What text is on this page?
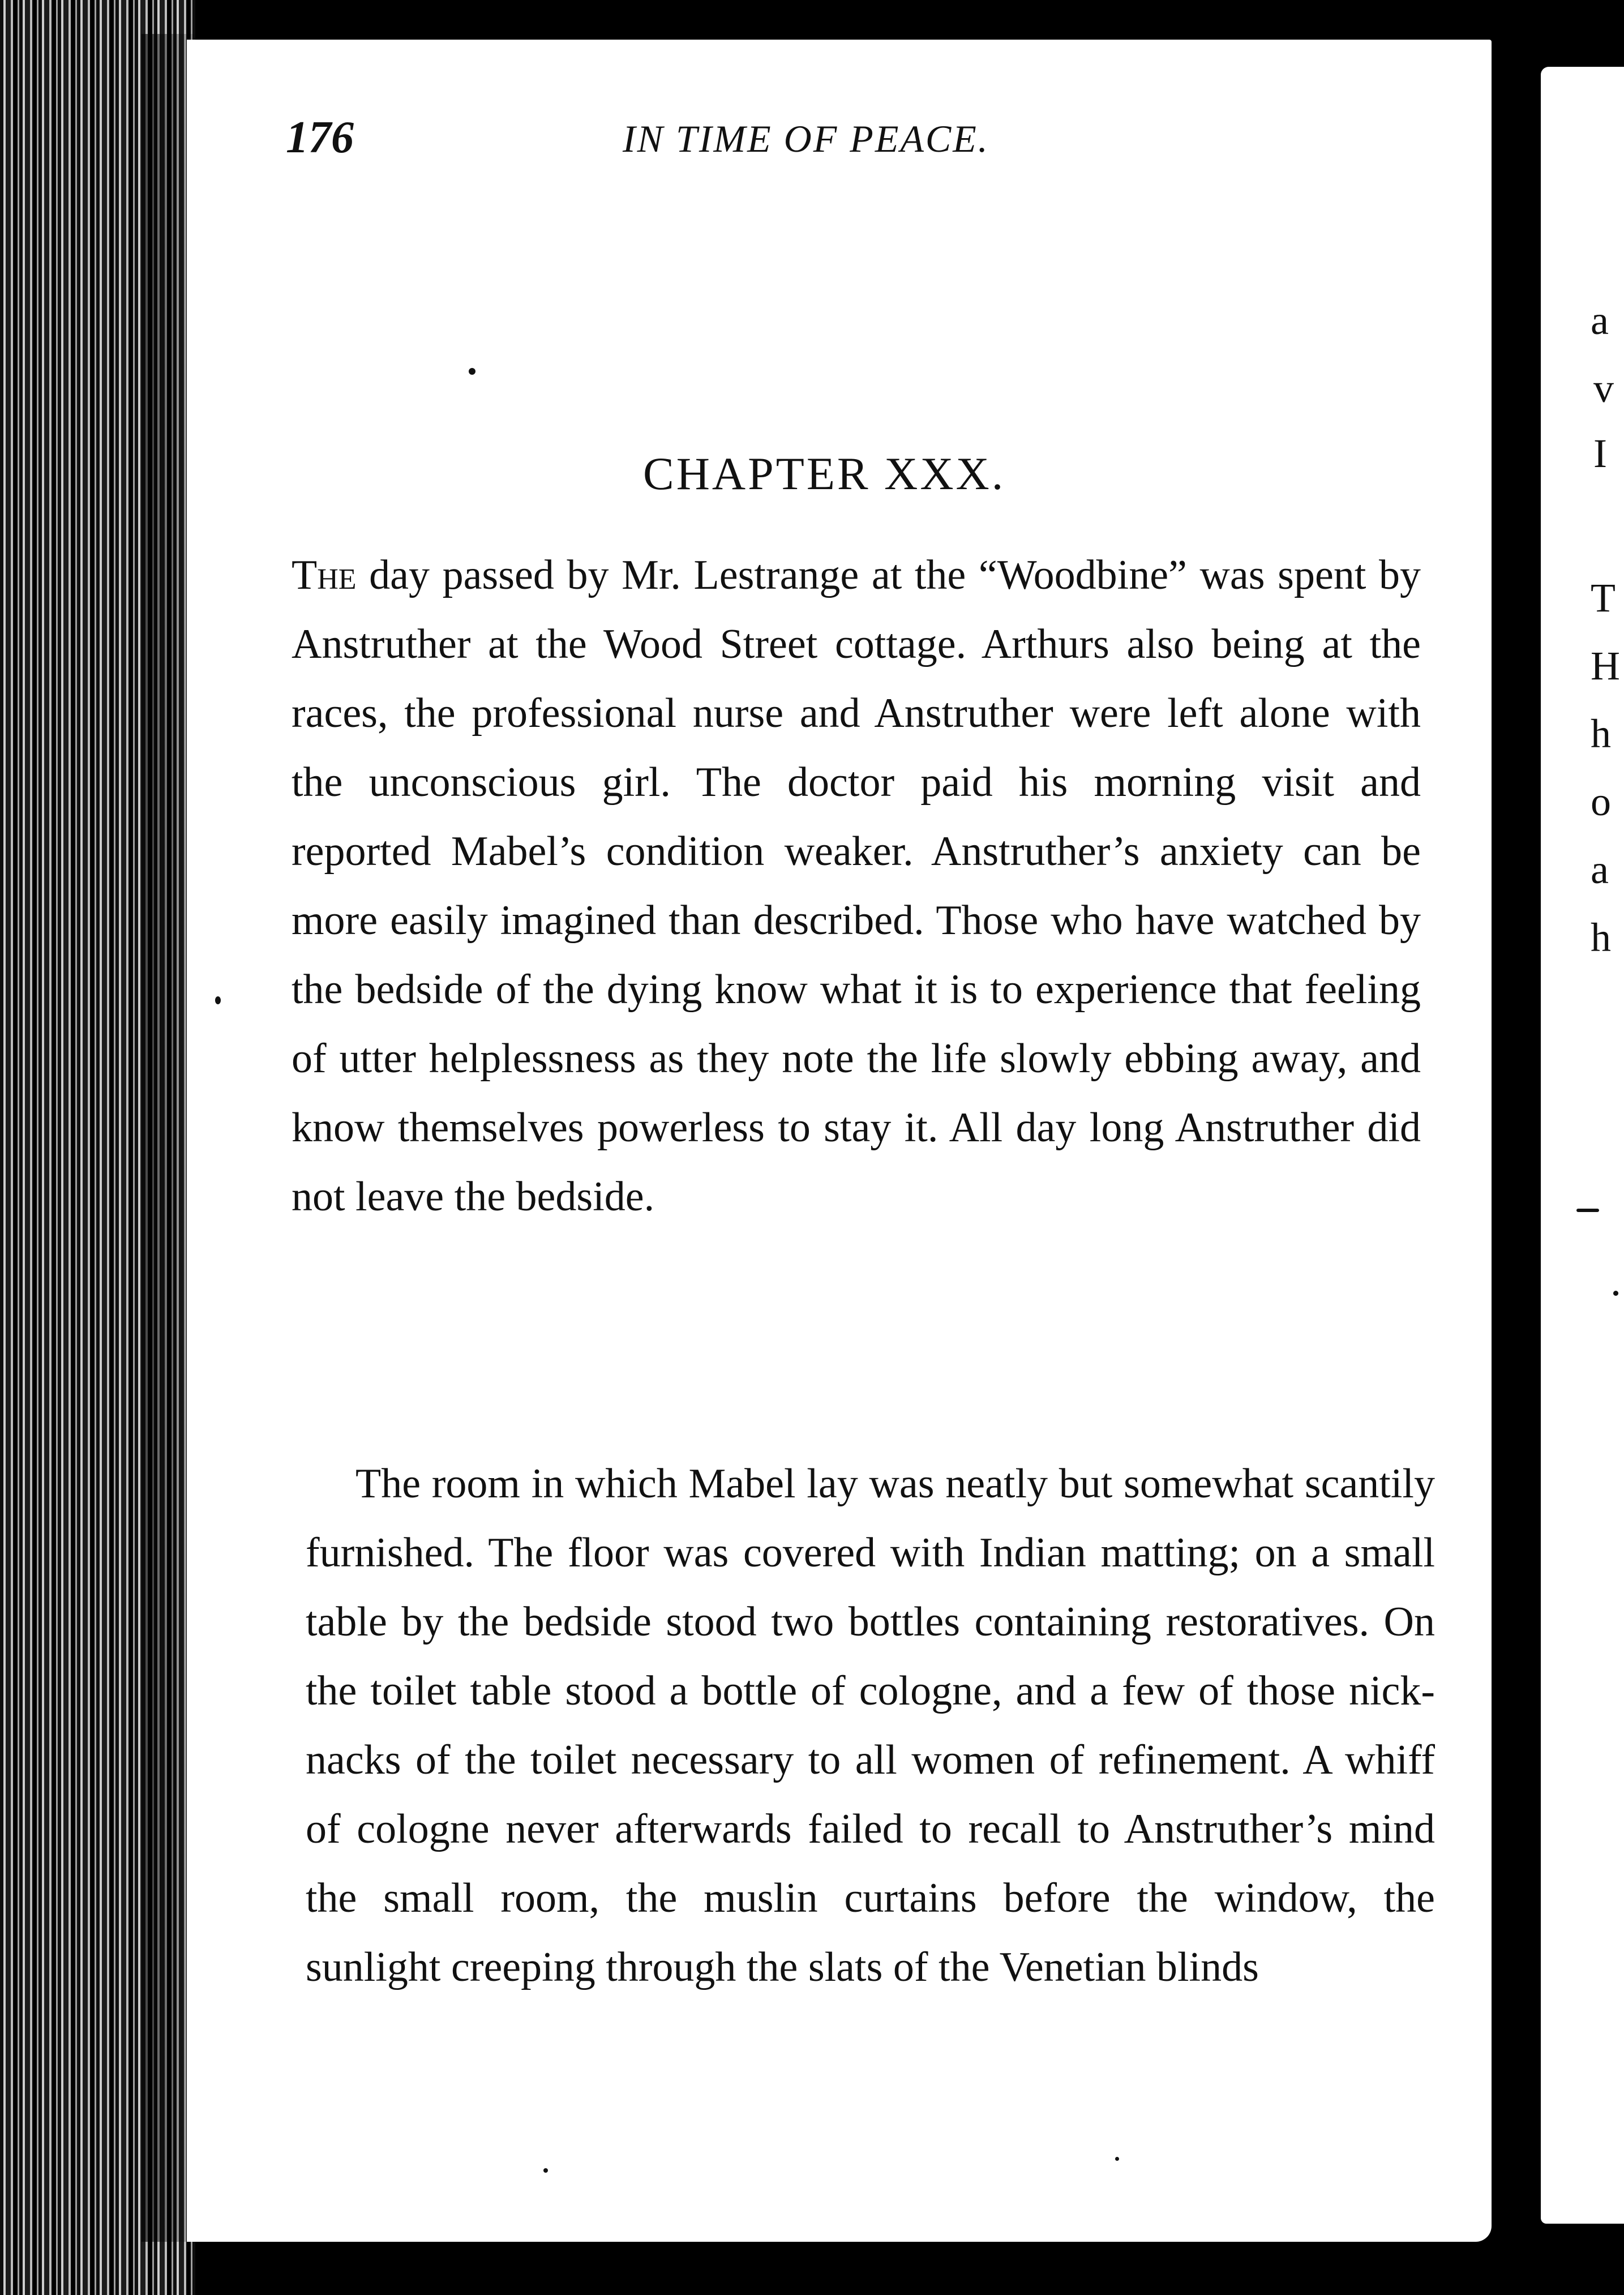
176	IN TIME OF PEACE.
CHAPTER XXX.

The day passed by Mr. Lestrange at the “Woodbine” was spent by Anstruther at the Wood Street cottage. Arthurs also being at the races, the professional nurse and Anstruther were left alone with the unconscious girl. The doctor paid his morning visit and reported Mabel’s condition weaker. Anstruther’s anxiety can be more easily imagined than described. Those who have watched by the bedside of the dying know what it is to experience that feeling of utter helplessness as they note the life slowly ebbing away, and know themselves powerless to stay it. All day long Anstruther did not leave the bedside.

The room in which Mabel lay was neatly but somewhat scantily furnished. The floor was covered with Indian matting; on a small table by the bedside stood two bottles containing restoratives. On the toilet table stood a bottle of cologne, and a few of those nick-nacks of the toilet necessary to all women of refinement. A whiff of cologne never afterwards failed to recall to Anstruther’s mind the small room, the muslin curtains before the window, the sunlight creeping through the slats of the Venetian blinds

a
v
I
T
H
h
o
a
h
